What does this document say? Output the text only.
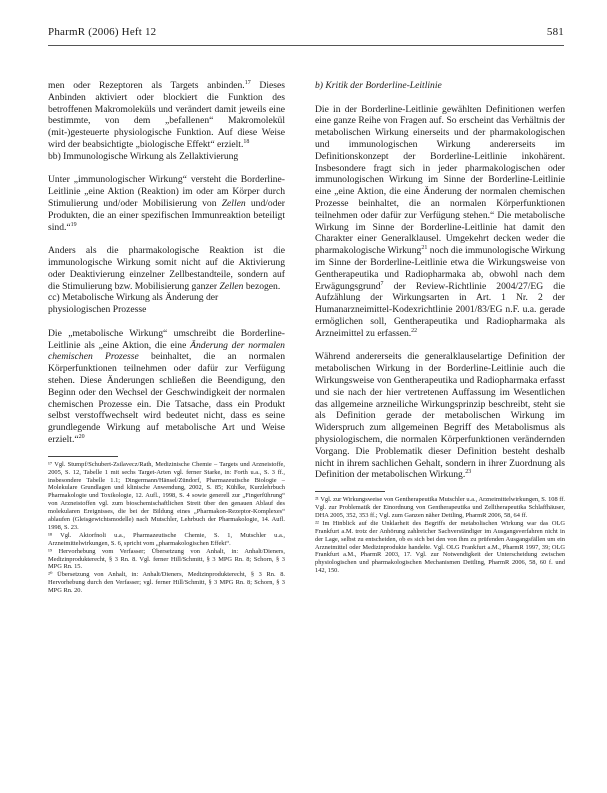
PharmR (2006) Heft 12	581

men oder Rezeptoren als Targets anbinden.$^{17}$ Dieses Anbinden aktiviert oder blockiert die Funktion des betroffenen Makromoleküls und verändert damit jeweils eine bestimmte, von dem „befallenen“ Makromolekül (mit-)gesteuerte physiologische Funktion. Auf diese Weise wird der beabsichtigte „biologische Effekt“ erzielt.$^{18}$

bb) Immunologische Wirkung als Zellaktivierung

Unter „immunologischer Wirkung“ versteht die Borderline-Leitlinie „eine Aktion (Reaktion) im oder am Körper durch Stimulierung und/oder Mobilisierung von Zellen und/oder Produkten, die an einer spezifischen Immunreaktion beteiligt sind.“$^{19}$

Anders als die pharmakologische Reaktion ist die immunologische Wirkung somit nicht auf die Aktivierung oder Deaktivierung einzelner Zellbestandteile, sondern auf die Stimulierung bzw. Mobilisierung ganzer Zellen bezogen.

cc) Metabolische Wirkung als Änderung der

physiologischen Prozesse

Die „metabolische Wirkung“ umschreibt die Borderline-Leitlinie als „eine Aktion, die eine Änderung der normalen chemischen Prozesse beinhaltet, die an normalen Körperfunktionen teilnehmen oder dafür zur Verfügung stehen. Diese Änderungen schließen die Beendigung, den Beginn oder den Wechsel der Geschwindigkeit der normalen chemischen Prozesse ein. Die Tatsache, dass ein Produkt selbst verstoffwechselt wird bedeutet nicht, dass es seine grundlegende Wirkung auf metabolische Art und Weise erzielt.“$^{20}$

¹⁷ Vgl. Stumpf/Schubert-Zsilavecz/Rath, Medizinische Chemie – Targets und Arzneistoffe, 2005, S. 12, Tabelle 1 mit sechs Target-Arten vgl. ferner Starke, in: Forth u.a., S. 3 ff., insbesondere Tabelle 1.1; Dingermann/Hänsel/Zündorf, Pharmazeutische Biologie – Molekulare Grundlagen und klinische Anwendung, 2002, S. 85; Kühlke, Kurzlehrbuch Pharmakologie und Toxikologie, 12. Aufl., 1998, S. 4 sowie generell zur „Fingerführung“ von Arzneistoffen vgl. zum bioschemischaftlichen Streit über den genauen Ablauf des molekularen Ereignisses, die bei der Bildung eines „Pharmakon-Rezeptor-Komplexes“ ablaufen (Gleisgewichtsmodelle) nach Mutschler, Lehrbuch der Pharmakologie, 14. Aufl. 1998, S. 23.

¹⁸ Vgl. Aktorfnoli u.a., Pharmazeutische Chemie, S. 1, Mutschler u.a., Arzneimittelwirkungen, S. 6, spricht vom „pharmakologischen Effekt“.

¹⁹ Hervorhebung vom Verfasser; Übersetzung von Anhalt, in: Anhalt/Dieners, Medizinprodukterecht, § 3 Rn. 8. Vgl. ferner Hill/Schmitt, § 3 MPG Rn. 8; Schorn, § 3 MPG Rn. 15.

²⁰ Übersetzung von Anhalt, in: Anhalt/Dieners, Medizinprodukterecht, § 3 Rn. 8. Hervorhebung durch den Verfasser; vgl. ferner Hill/Schmitt, § 3 MPG Rn. 8; Schorn, § 3 MPG Rn. 20.

b) Kritik der Borderline-Leitlinie

Die in der Borderline-Leitlinie gewählten Definitionen werfen eine ganze Reihe von Fragen auf. So erscheint das Verhältnis der metabolischen Wirkung einerseits und der pharmakologischen und immunologischen Wirkung andererseits im Definitionskonzept der Borderline-Leitlinie inkohärent. Insbesondere fragt sich in jeder pharmakologischen oder immunologischen Wirkung im Sinne der Borderline-Leitlinie eine „eine Aktion, die eine Änderung der normalen chemischen Prozesse beinhaltet, die an normalen Körperfunktionen teilnehmen oder dafür zur Verfügung stehen.“ Die metabolische Wirkung im Sinne der Borderline-Leitlinie hat damit den Charakter einer Generalklausel. Umgekehrt decken weder die pharmakologische Wirkung$^{21}$ noch die immunologische Wirkung im Sinne der Borderline-Leitlinie etwa die Wirkungsweise von Gentherapeutika und Radiopharmaka ab, obwohl nach dem Erwägungsgrund$^7$ der Review-Richtlinie 2004/27/EG die Aufzählung der Wirkungsarten in Art. 1 Nr. 2 der Humanarzneimittel-Kodexrichtlinie 2001/83/EG n.F. u.a. gerade ermöglichen soll, Gentherapeutika und Radiopharmaka als Arzneimittel zu erfassen.$^{22}$

Während andererseits die generalklauselartige Definition der metabolischen Wirkung in der Borderline-Leitlinie auch die Wirkungsweise von Gentherapeutika und Radiopharmaka erfasst und sie nach der hier vertretenen Auffassung im Wesentlichen das allgemeine arzneiliche Wirkungsprinzip beschreibt, steht sie als Definition gerade der metabolischen Wirkung im Widerspruch zum allgemeinen Begriff des Metabolismus als physiologischem, die normalen Körperfunktionen verändernden Vorgang. Die Problematik dieser Definition besteht deshalb nicht in ihrem sachlichen Gehalt, sondern in ihrer Zuordnung als Definition der metabolischen Wirkung.$^{23}$

²¹ Vgl. zur Wirkungsweise von Gentherapeutika Mutschler u.a., Arzneimittelwirkungen, S. 108 ff. Vgl. zur Problematik der Einordnung von Gentherapeutika und Zelltherapeutika Schlaffhäuser, DHA 2005, 352, 353 ff.; Vgl. zum Ganzen näher Dettling, PharmR 2006, 58, 64 ff.

²² Im Hinblick auf die Unklarheit des Begriffs der metabolischen Wirkung war das OLG Frankfurt a.M. trotz der Anhörung zahlreicher Sachverständiger im Ausgangsverfahren nicht in der Lage, selbst zu entscheiden, ob es sich bei den von ihm zu prüfenden Ausgangsfällen um ein Arzneimittel oder Medizinprodukte handelte. Vgl. OLG Frankfurt a.M., PharmR 1997, 39; OLG Frankfurt a.M., PharmR 2003, 17. Vgl. zur Notwendigkeit der Unterscheidung zwischen physiologischen und pharmakologischen Mechanismen Dettling, PharmR 2006, 58, 60 f. und 142, 150.
